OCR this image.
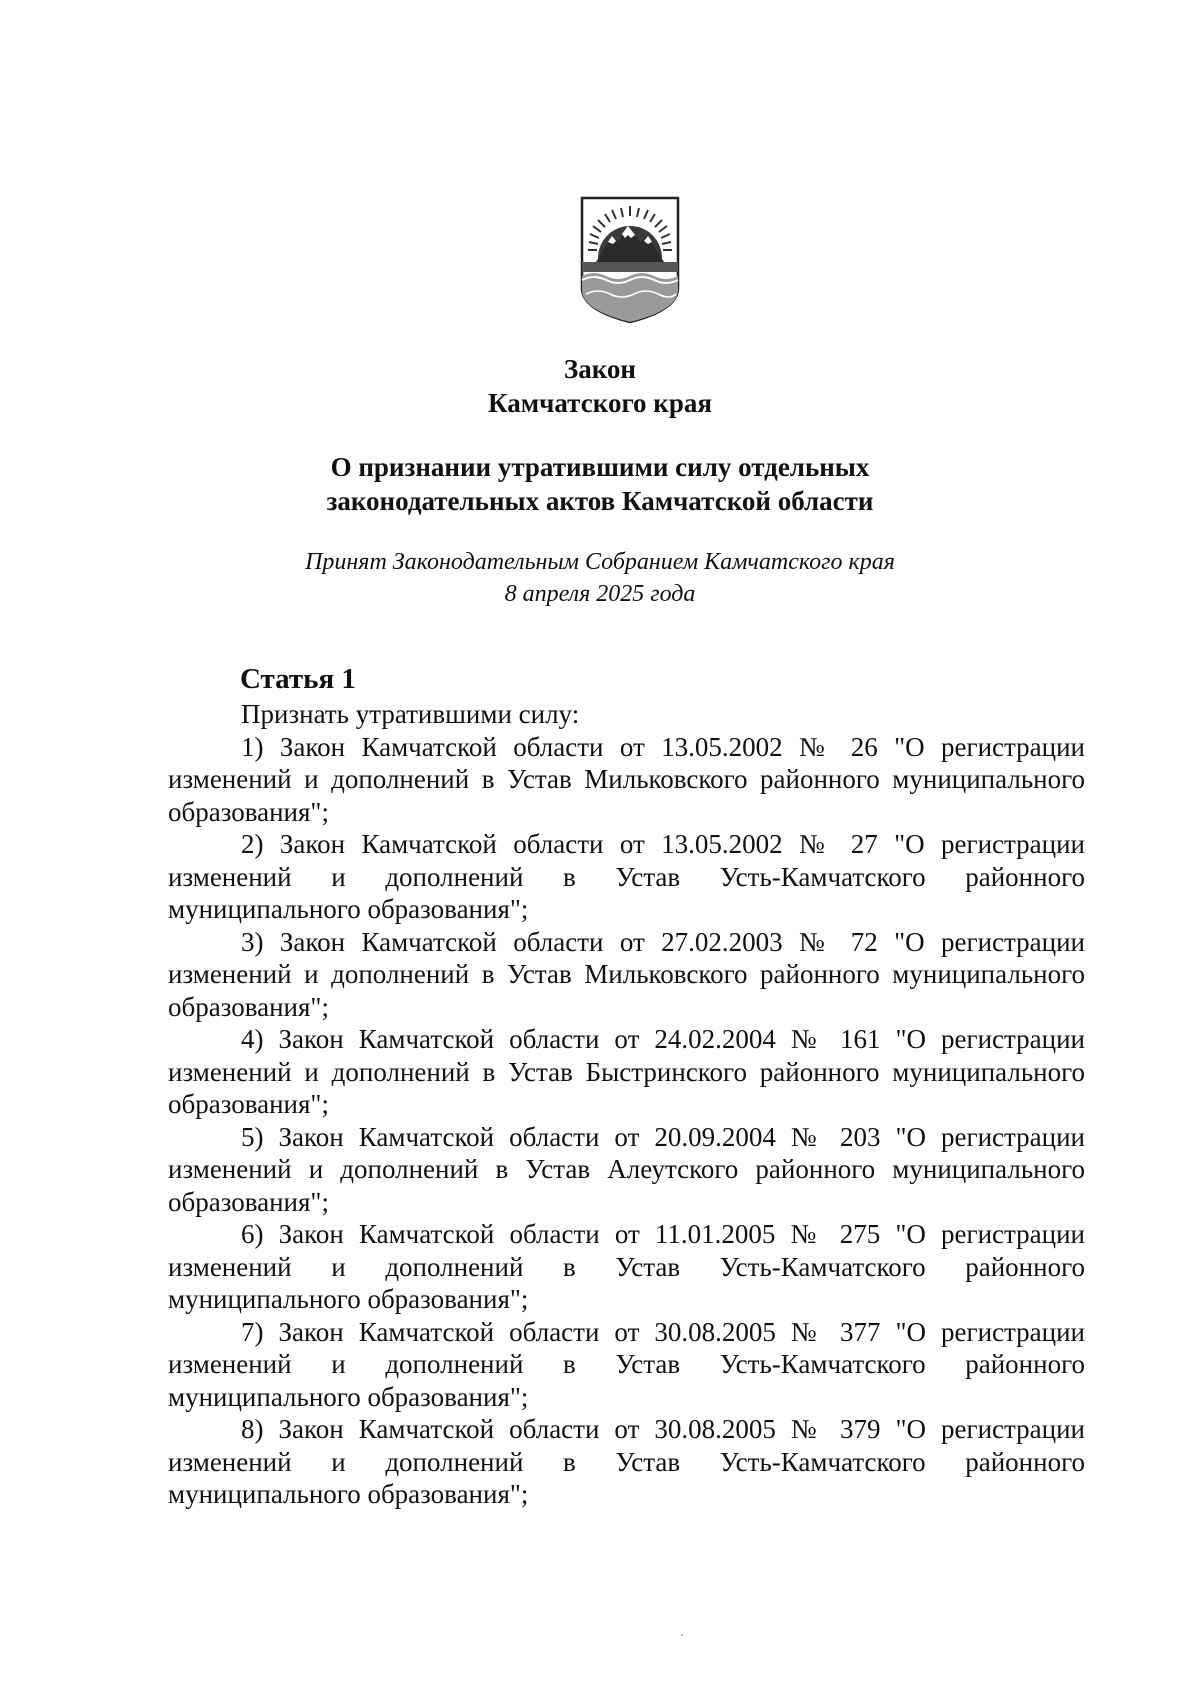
Закон
Камчатского края
О признании утратившими силу отдельных
законодательных актов Камчатской области
Принят Законодательным Собранием Камчатского края
8 апреля 2025 года
Статья 1

Признать утратившими силу:

1) Закон Камчатской области от 13.05.2002 № 26 "О регистрации изменений и дополнений в Устав Мильковского районного муниципального образования";
2) Закон Камчатской области от 13.05.2002 № 27 "О регистрации изменений и дополнений в Устав Усть-Камчатского районного муниципального образования";
3) Закон Камчатской области от 27.02.2003 № 72 "О регистрации изменений и дополнений в Устав Мильковского районного муниципального образования";
4) Закон Камчатской области от 24.02.2004 № 161 "О регистрации изменений и дополнений в Устав Быстринского районного муниципального образования";
5) Закон Камчатской области от 20.09.2004 № 203 "О регистрации изменений и дополнений в Устав Алеутского районного муниципального образования";
6) Закон Камчатской области от 11.01.2005 № 275 "О регистрации изменений и дополнений в Устав Усть-Камчатского районного муниципального образования";
7) Закон Камчатской области от 30.08.2005 № 377 "О регистрации изменений и дополнений в Устав Усть-Камчатского районного муниципального образования";
8) Закон Камчатской области от 30.08.2005 № 379 "О регистрации изменений и дополнений в Устав Усть-Камчатского районного муниципального образования";
